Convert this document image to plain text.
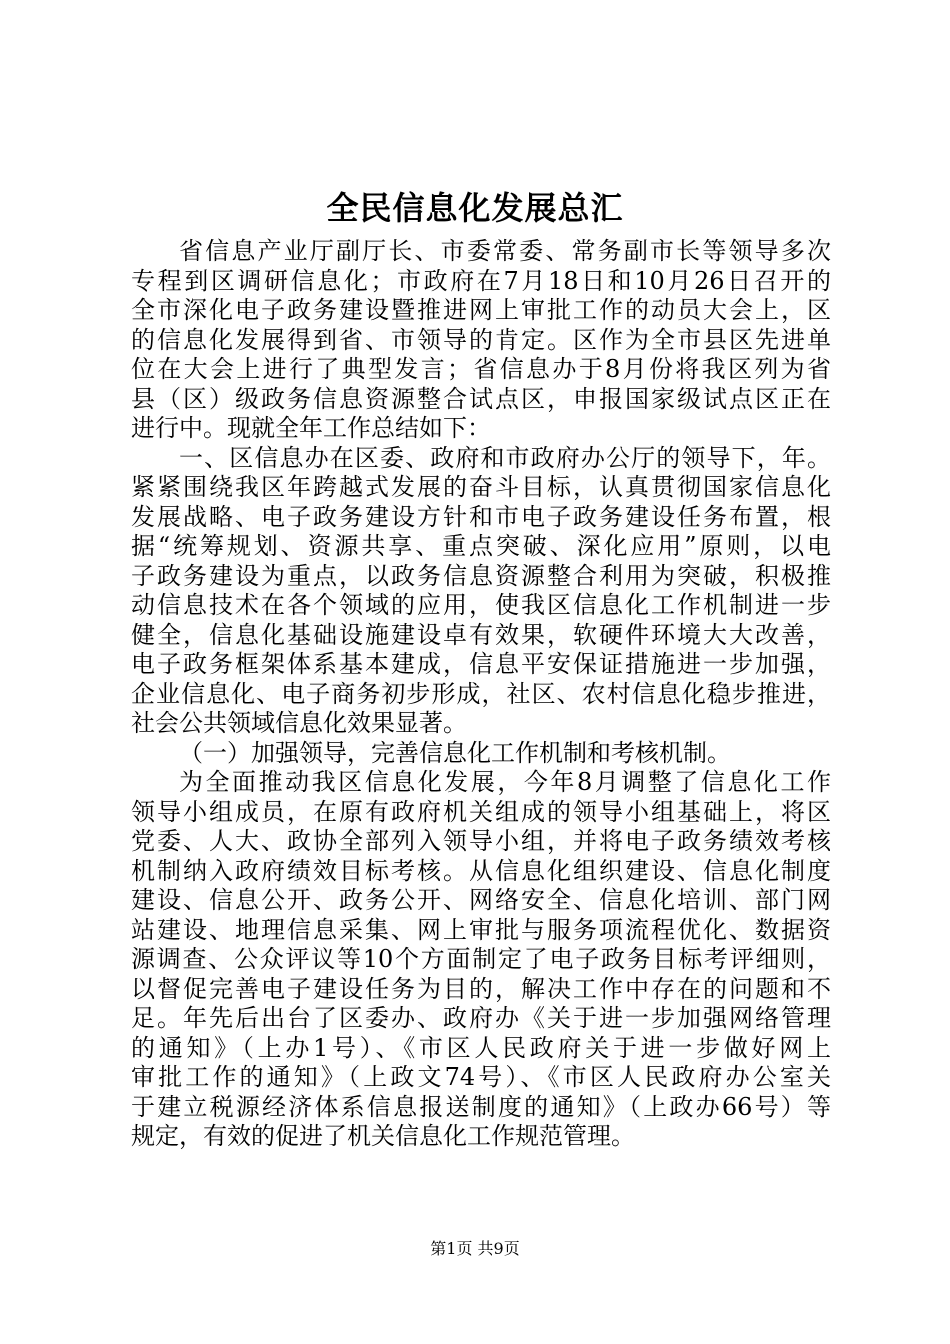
全民信息化发展总汇
省信息产业厅副厅长、市委常委、常务副市长等领导多次
专程到区调研信息化；市政府在7月18日和10月26日召开的
全市深化电子政务建设暨推进网上审批工作的动员大会上，区
的信息化发展得到省、市领导的肯定。区作为全市县区先进单
位在大会上进行了典型发言；省信息办于8月份将我区列为省
县（区）级政务信息资源整合试点区，申报国家级试点区正在
进行中。现就全年工作总结如下：
一、区信息办在区委、政府和市政府办公厅的领导下，年。
紧紧围绕我区年跨越式发展的奋斗目标，认真贯彻国家信息化
发展战略、电子政务建设方针和市电子政务建设任务布置，根
据“统筹规划、资源共享、重点突破、深化应用”原则，以电
子政务建设为重点，以政务信息资源整合利用为突破，积极推
动信息技术在各个领域的应用，使我区信息化工作机制进一步
健全，信息化基础设施建设卓有效果，软硬件环境大大改善，
电子政务框架体系基本建成，信息平安保证措施进一步加强，
企业信息化、电子商务初步形成，社区、农村信息化稳步推进，
社会公共领域信息化效果显著。
（一）加强领导，完善信息化工作机制和考核机制。
为全面推动我区信息化发展，今年8月调整了信息化工作
领导小组成员，在原有政府机关组成的领导小组基础上，将区
党委、人大、政协全部列入领导小组，并将电子政务绩效考核
机制纳入政府绩效目标考核。从信息化组织建设、信息化制度
建设、信息公开、政务公开、网络安全、信息化培训、部门网
站建设、地理信息采集、网上审批与服务项流程优化、数据资
源调查、公众评议等10个方面制定了电子政务目标考评细则，
以督促完善电子建设任务为目的，解决工作中存在的问题和不
足。年先后出台了区委办、政府办《关于进一步加强网络管理
的通知》（上办1号）、《市区人民政府关于进一步做好网上
审批工作的通知》（上政文74号）、《市区人民政府办公室关
于建立税源经济体系信息报送制度的通知》（上政办66号）等
规定，有效的促进了机关信息化工作规范管理。
第1页 共9页
